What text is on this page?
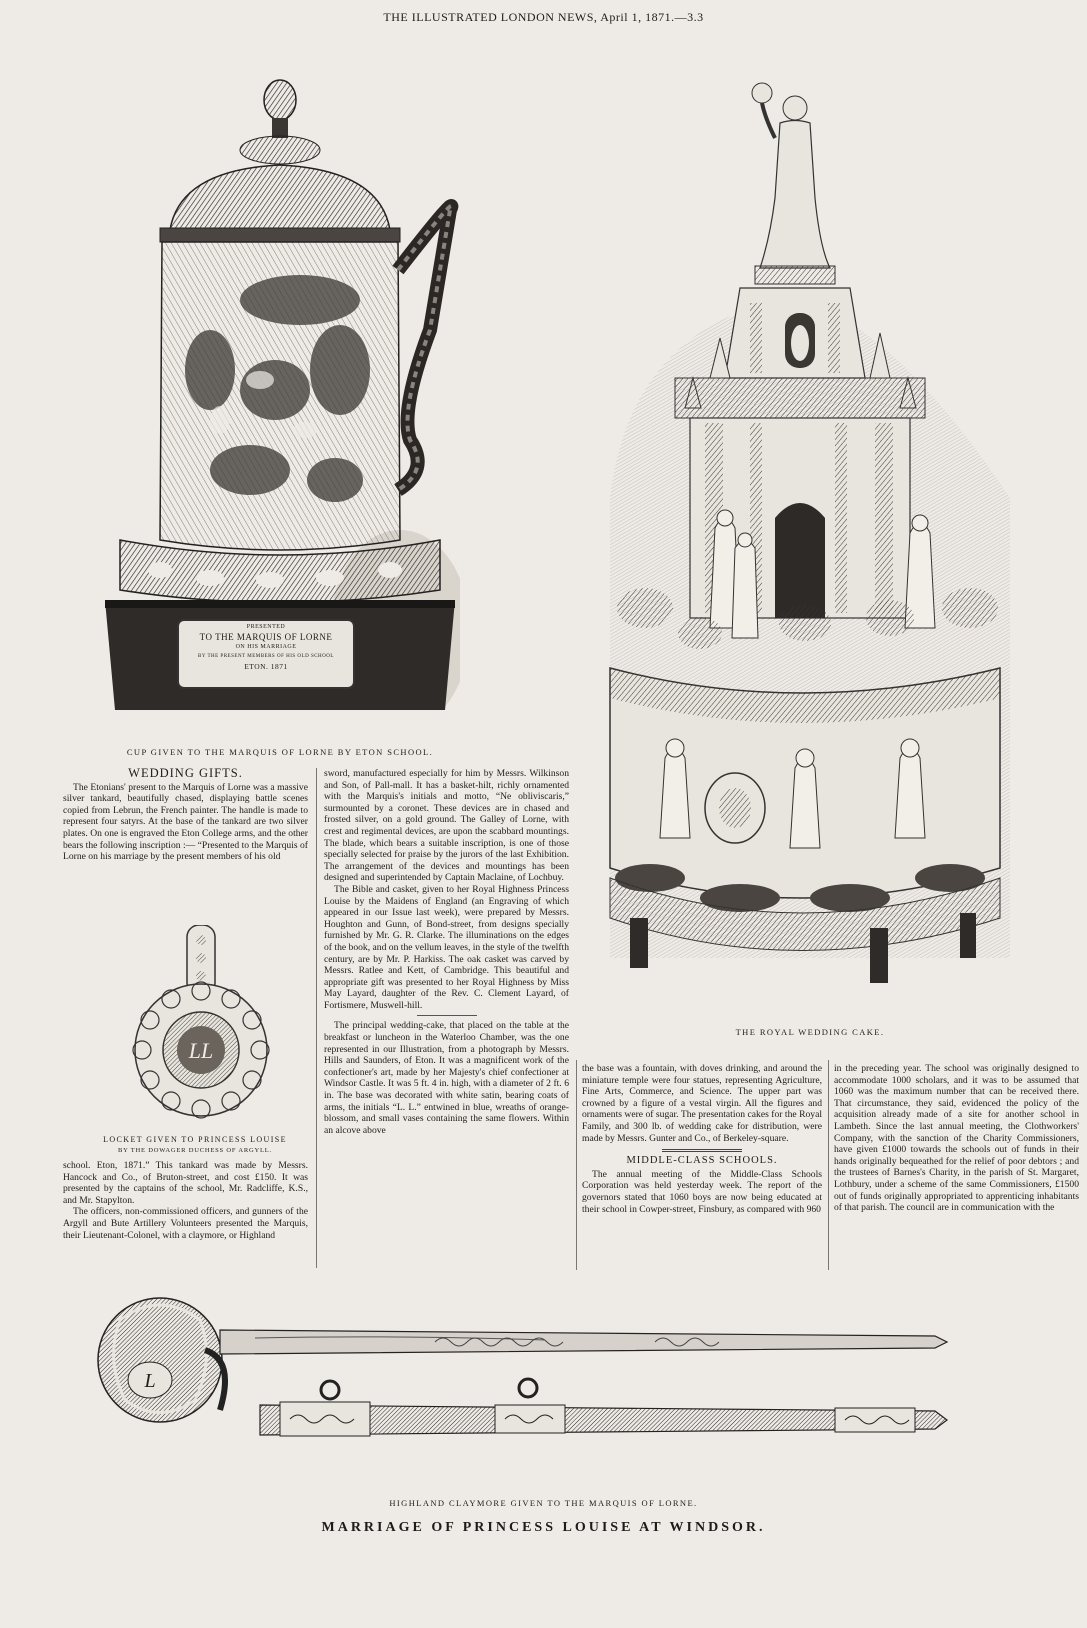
THE ILLUSTRATED LONDON NEWS, April 1, 1871.—3.3
PRESENTED
TO THE MARQUIS OF LORNE
ON HIS MARRIAGE
BY THE PRESENT MEMBERS OF HIS OLD SCHOOL
ETON. 1871
CUP GIVEN TO THE MARQUIS OF LORNE BY ETON SCHOOL.
THE ROYAL WEDDING CAKE.
LL
LOCKET GIVEN TO PRINCESS LOUISE
BY THE DOWAGER DUCHESS OF ARGYLL.
WEDDING GIFTS.

The Etonians' present to the Marquis of Lorne was a massive silver tankard, beautifully chased, displaying battle scenes copied from Lebrun, the French painter. The handle is made to represent four satyrs. At the base of the tankard are two silver plates. On one is engraved the Eton College arms, and the other bears the following inscription :— “Presented to the Marquis of Lorne on his marriage by the present members of his old

school. Eton, 1871.” This tankard was made by Messrs. Hancock and Co., of Bruton-street, and cost £150. It was presented by the captains of the school, Mr. Radcliffe, K.S., and Mr. Stapylton.

The officers, non-commissioned officers, and gunners of the Argyll and Bute Artillery Volunteers presented the Marquis, their Lieutenant-Colonel, with a claymore, or Highland

sword, manufactured especially for him by Messrs. Wilkinson and Son, of Pall-mall. It has a basket-hilt, richly ornamented with the Marquis's initials and motto, “Ne obliviscaris,” surmounted by a coronet. These devices are in chased and frosted silver, on a gold ground. The Galley of Lorne, with crest and regimental devices, are upon the scabbard mountings. The blade, which bears a suitable inscription, is one of those specially selected for praise by the jurors of the last Exhibition. The arrangement of the devices and mountings has been designed and superintended by Captain Maclaine, of Lochbuy.

The Bible and casket, given to her Royal Highness Princess Louise by the Maidens of England (an Engraving of which appeared in our Issue last week), were prepared by Messrs. Houghton and Gunn, of Bond-street, from designs specially furnished by Mr. G. R. Clarke. The illuminations on the edges of the book, and on the vellum leaves, in the style of the twelfth century, are by Mr. P. Harkiss. The oak casket was carved by Messrs. Ratlee and Kett, of Cambridge. This beautiful and appropriate gift was presented to her Royal Highness by Miss May Layard, daughter of the Rev. C. Clement Layard, of Fortismere, Muswell-hill.

The principal wedding-cake, that placed on the table at the breakfast or luncheon in the Waterloo Chamber, was the one represented in our Illustration, from a photograph by Messrs. Hills and Saunders, of Eton. It was a magnificent work of the confectioner's art, made by her Majesty's chief confectioner at Windsor Castle. It was 5 ft. 4 in. high, with a diameter of 2 ft. 6 in. The base was decorated with white satin, bearing coats of arms, the initials “L. L.” entwined in blue, wreaths of orange-blossom, and small vases containing the same flowers. Within an alcove above

the base was a fountain, with doves drinking, and around the miniature temple were four statues, representing Agriculture, Fine Arts, Commerce, and Science. The upper part was crowned by a figure of a vestal virgin. All the figures and ornaments were of sugar. The presentation cakes for the Royal Family, and 300 lb. of wedding cake for distribution, were made by Messrs. Gunter and Co., of Berkeley-square.

MIDDLE-CLASS SCHOOLS.

The annual meeting of the Middle-Class Schools Corporation was held yesterday week. The report of the governors stated that 1060 boys are now being educated at their school in Cowper-street, Finsbury, as compared with 960

in the preceding year. The school was originally designed to accommodate 1000 scholars, and it was to be assumed that 1060 was the maximum number that can be received there. That circumstance, they said, evidenced the policy of the acquisition already made of a site for another school in Lambeth. Since the last annual meeting, the Clothworkers' Company, with the sanction of the Charity Commissioners, have given £1000 towards the schools out of funds in their hands originally bequeathed for the relief of poor debtors ; and the trustees of Barnes's Charity, in the parish of St. Margaret, Lothbury, under a scheme of the same Commissioners, £1500 out of funds originally appropriated to apprenticing inhabitants of that parish. The council are in communication with the

L
HIGHLAND CLAYMORE GIVEN TO THE MARQUIS OF LORNE.
MARRIAGE OF PRINCESS LOUISE AT WINDSOR.
